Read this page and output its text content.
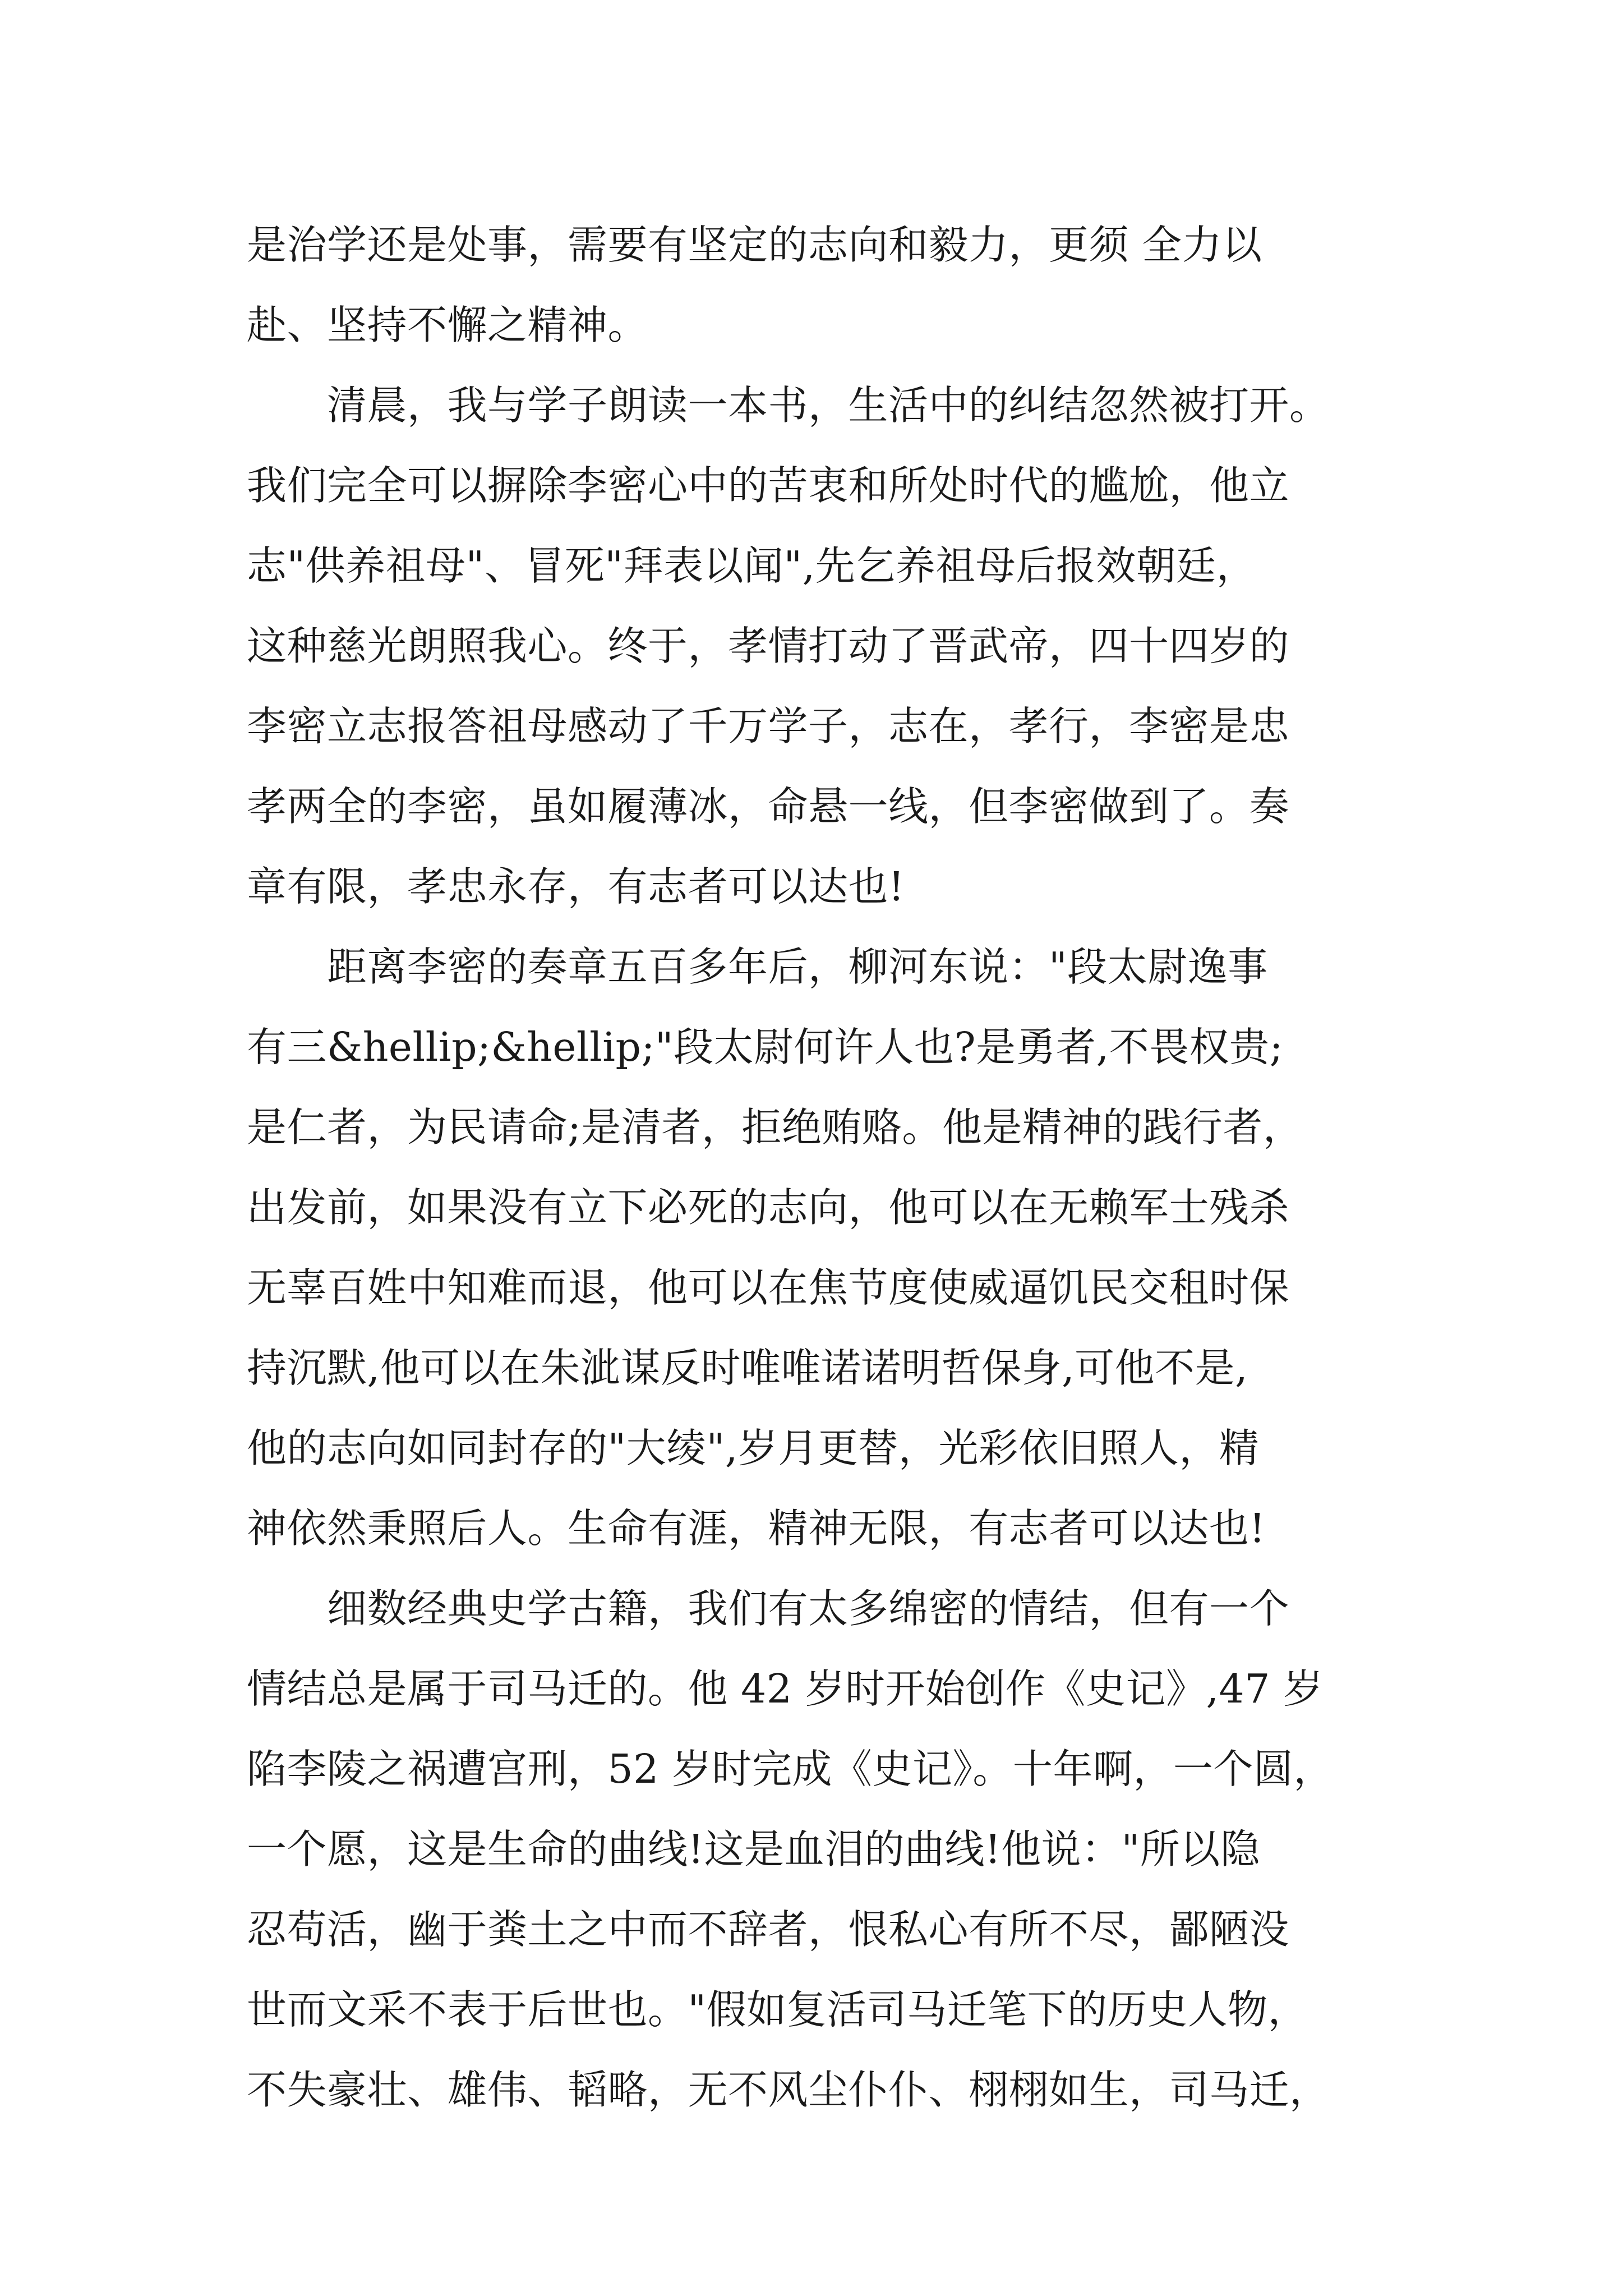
是治学还是处事，需要有坚定的志向和毅力，更须 全力以
赴、坚持不懈之精神。
　　清晨，我与学子朗读一本书，生活中的纠结忽然被打开。
我们完全可以摒除李密心中的苦衷和所处时代的尴尬，他立
志"供养祖母"、冒死"拜表以闻",先乞养祖母后报效朝廷，
这种慈光朗照我心。终于，孝情打动了晋武帝，四十四岁的
李密立志报答祖母感动了千万学子，志在，孝行，李密是忠
孝两全的李密，虽如履薄冰，命悬一线，但李密做到了。奏
章有限，孝忠永存，有志者可以达也!
　　距离李密的奏章五百多年后，柳河东说："段太尉逸事
有三&hellip;&hellip;"段太尉何许人也?是勇者,不畏权贵;
是仁者，为民请命;是清者，拒绝贿赂。他是精神的践行者，
出发前，如果没有立下必死的志向，他可以在无赖军士残杀
无辜百姓中知难而退，他可以在焦节度使威逼饥民交租时保
持沉默,他可以在朱泚谋反时唯唯诺诺明哲保身,可他不是,
他的志向如同封存的"大绫",岁月更替，光彩依旧照人，精
神依然秉照后人。生命有涯，精神无限，有志者可以达也!
　　细数经典史学古籍，我们有太多绵密的情结，但有一个
情结总是属于司马迁的。他 42 岁时开始创作《史记》,47 岁
陷李陵之祸遭宫刑，52 岁时完成《史记》。十年啊，一个圆，
一个愿，这是生命的曲线!这是血泪的曲线!他说："所以隐
忍苟活，幽于粪土之中而不辞者，恨私心有所不尽，鄙陋没
世而文采不表于后世也。"假如复活司马迁笔下的历史人物，
不失豪壮、雄伟、韬略，无不风尘仆仆、栩栩如生，司马迁，
